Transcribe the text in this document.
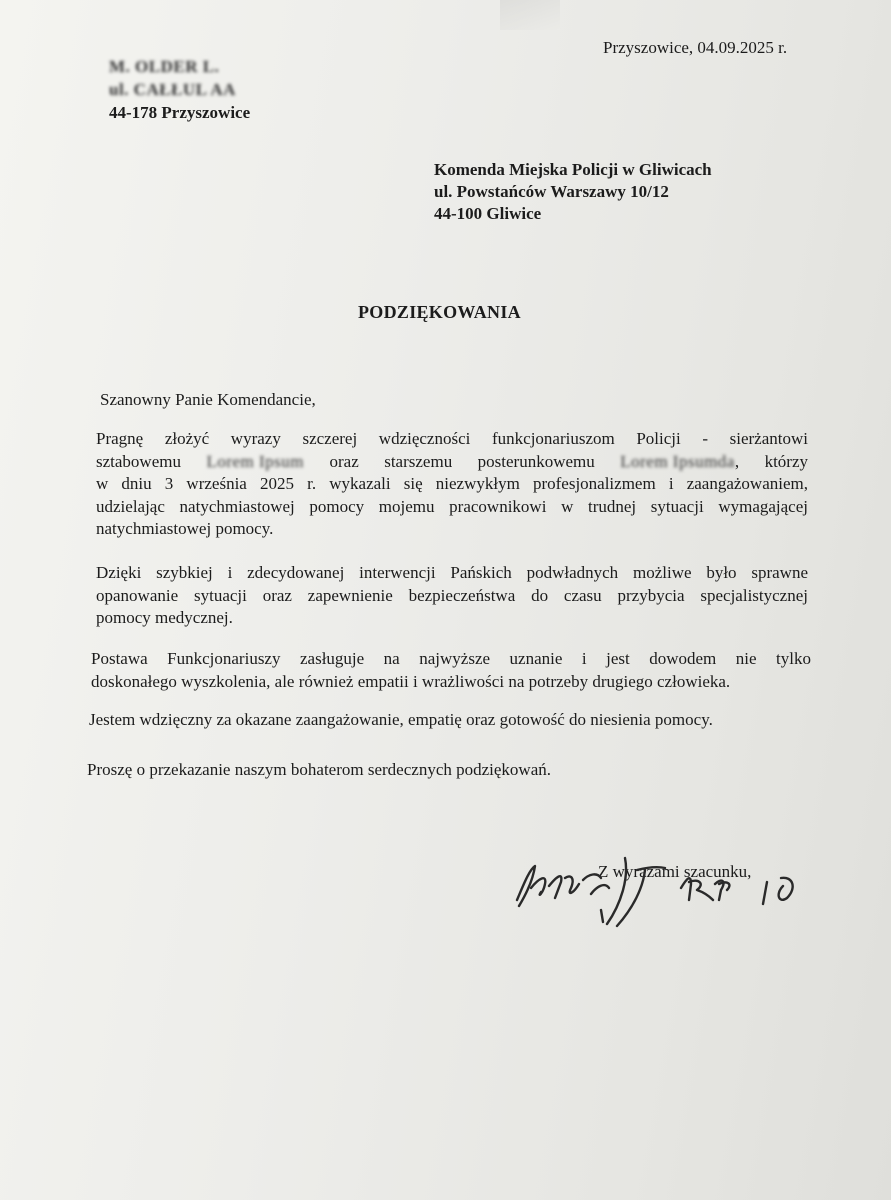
Przyszowice, 04.09.2025 r.
M. OLDER L.
ul. CAŁŁUL AA
44-178 Przyszowice
Komenda Miejska Policji w Gliwicach
ul. Powstańców Warszawy 10/12
44-100 Gliwice
PODZIĘKOWANIA
Szanowny Panie Komendancie,
Pragnę złożyć wyrazy szczerej wdzięczności funkcjonariuszom Policji - sierżantowi
sztabowemu Lorem Ipsum oraz starszemu posterunkowemu Lorem Ipsumda, którzy
w dniu 3 września 2025 r. wykazali się niezwykłym profesjonalizmem i zaangażowaniem,
udzielając natychmiastowej pomocy mojemu pracownikowi w trudnej sytuacji wymagającej
natychmiastowej pomocy.
Dzięki szybkiej i zdecydowanej interwencji Pańskich podwładnych możliwe było sprawne
opanowanie sytuacji oraz zapewnienie bezpieczeństwa do czasu przybycia specjalistycznej
pomocy medycznej.
Postawa Funkcjonariuszy zasługuje na najwyższe uznanie i jest dowodem nie tylko
doskonałego wyszkolenia, ale również empatii i wrażliwości na potrzeby drugiego człowieka.
Jestem wdzięczny za okazane zaangażowanie, empatię oraz gotowość do niesienia pomocy.
Proszę o przekazanie naszym bohaterom serdecznych podziękowań.
Z wyrazami szacunku,
